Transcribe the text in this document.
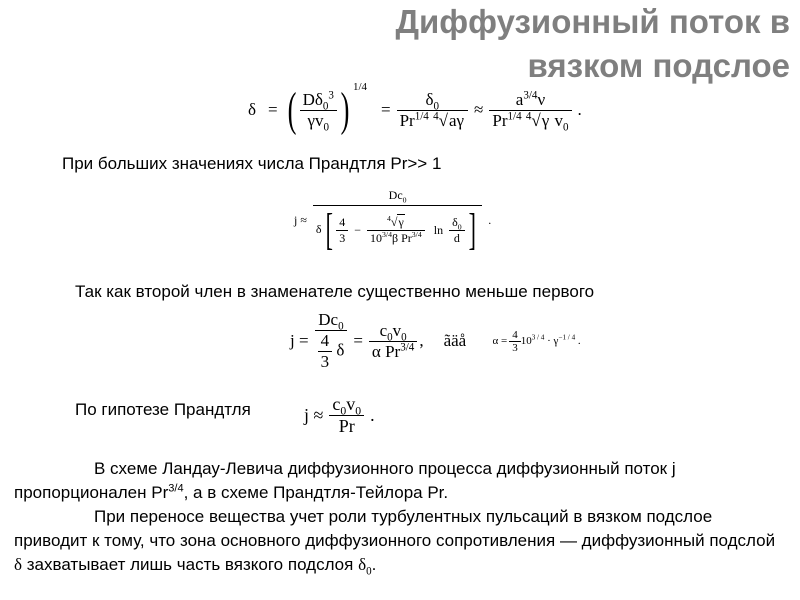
Диффузионный поток в
вязком подслое
δ = ( $\frac{D\delta_0^3}{\gamma v_0}$ ) $^{1/4}= \frac{\delta_0}{Pr^{1/4} ^4√a\gamma} \approx \frac{a^{3/4}\nu}{Pr^{1/4} ^4√\gamma v_0}$ .
При больших значениях числа Прандтля Pr>> 1
$j \approx \frac{Dc_0}{\delta[ \frac{4}{3} - \frac{^4√\gamma}{10^{3/4}\beta Pr^{3/4}} \ln \frac{\delta_0}{d} ]}$ .
Так как второй член в знаменателе существенно меньше первого
$j = \frac{Dc_0}{\frac{4}{3} \delta} = \frac{c_0v_0}{\alpha Pr^{3/4}}$ , ãäå $\alpha = \frac{4}{3} 10^{3 / 4} \cdot \gamma^{-1 / 4}$ .
По гипотезе Прандтля	$j \approx \frac{c_0v_0}{Pr}$ .

В схеме Ландау-Левича диффузионного процесса диффузионный поток j пропорционален $Pr^{3/4}$, а в схеме Прандтля-Тейлора Pr.

При переносе вещества учет роли турбулентных пульсаций в вязком подслое приводит к тому, что зона основного диффузионного сопротивления — диффузионный подслой δ захватывает лишь часть вязкого подслоя $\delta_0$.
